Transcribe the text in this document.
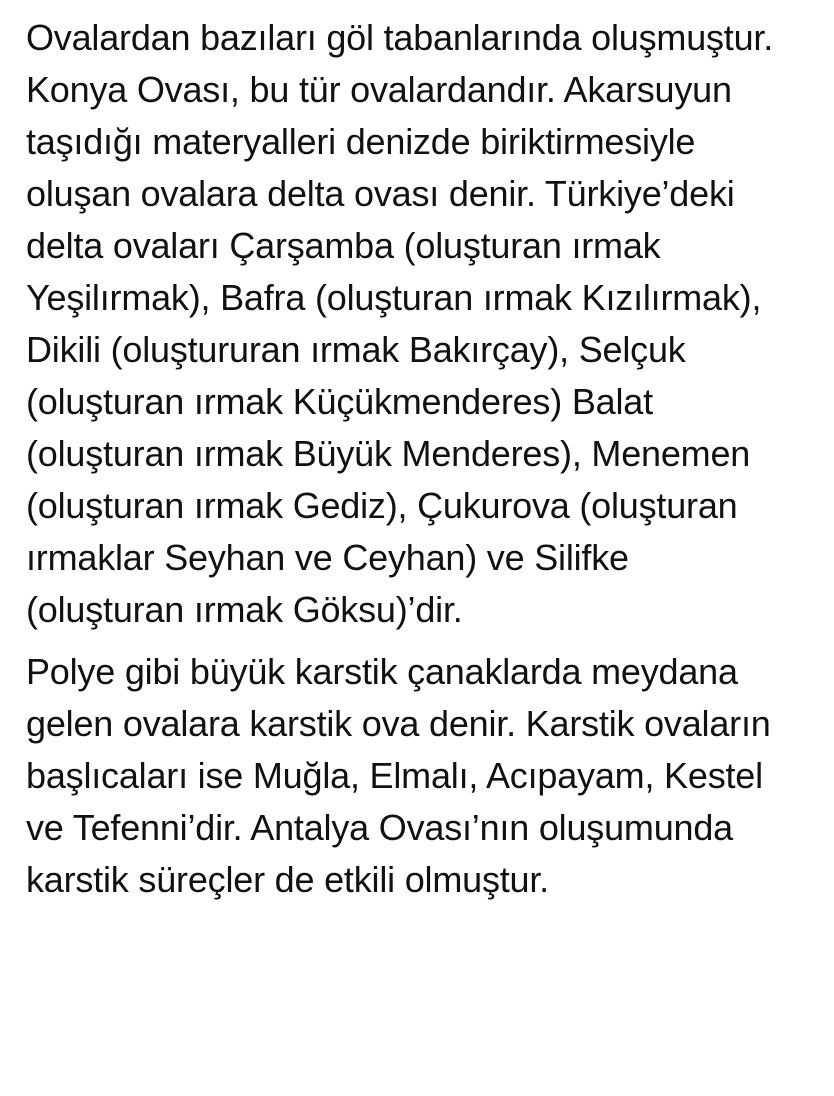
Ovalardan bazıları göl tabanlarında oluşmuştur.
Konya Ovası, bu tür ovalardandır. Akarsuyun
taşıdığı materyalleri denizde biriktirmesiyle
oluşan ovalara delta ovası denir. Türkiye’deki
delta ovaları Çarşamba (oluşturan ırmak
Yeşilırmak), Bafra (oluşturan ırmak Kızılırmak),
Dikili (oluştururan ırmak Bakırçay), Selçuk
(oluşturan ırmak Küçükmenderes) Balat
(oluşturan ırmak Büyük Menderes), Menemen
(oluşturan ırmak Gediz), Çukurova (oluşturan
ırmaklar Seyhan ve Ceyhan) ve Silifke
(oluşturan ırmak Göksu)’dir.

Polye gibi büyük karstik çanaklarda meydana
gelen ovalara karstik ova denir. Karstik ovaların
başlıcaları ise Muğla, Elmalı, Acıpayam, Kestel
ve Tefenni’dir. Antalya Ovası’nın oluşumunda
karstik süreçler de etkili olmuştur.
